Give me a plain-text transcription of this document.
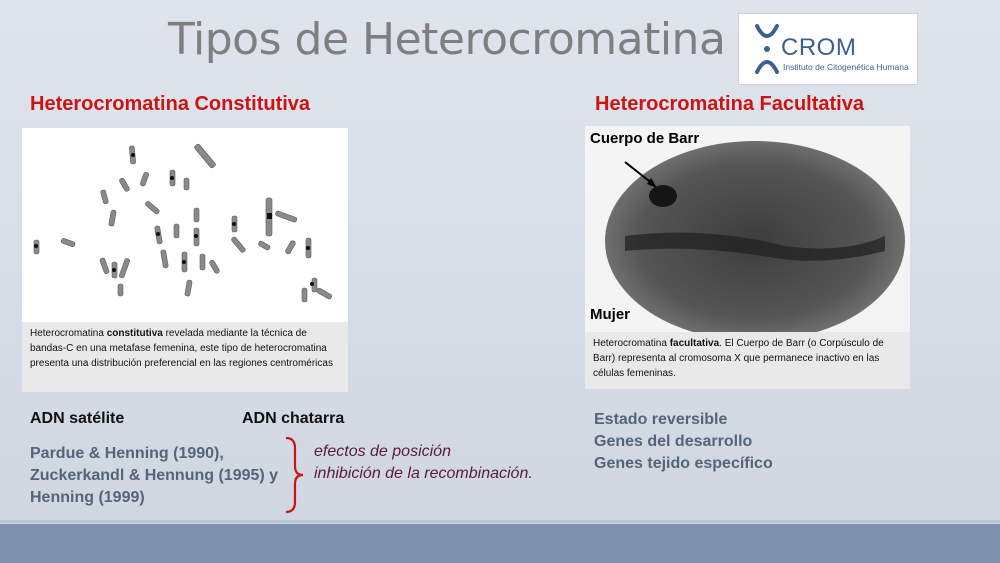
Tipos de Heterocromatina CROM
Instituto de Citogenética Humana
Heterocromatina Constitutiva
Heterocromatina constitutiva revelada mediante la técnica de bandas-C en una metafase femenina, este tipo de heterocromatina presenta una distribución preferencial en las regiones centroméricas
ADN satélite	ADN chatarra
Pardue & Henning (1990),
Zuckerkandl & Hennung (1995) y
Henning (1999)
efectos de posición
inhibición de la recombinación.
Heterocromatina Facultativa
Cuerpo de Barr
Mujer
Heterocromatina facultativa. El Cuerpo de Barr (o Corpúsculo de Barr) representa al cromosoma X que permanece inactivo en las células femeninas.
Estado reversible
Genes del desarrollo
Genes tejido específico
